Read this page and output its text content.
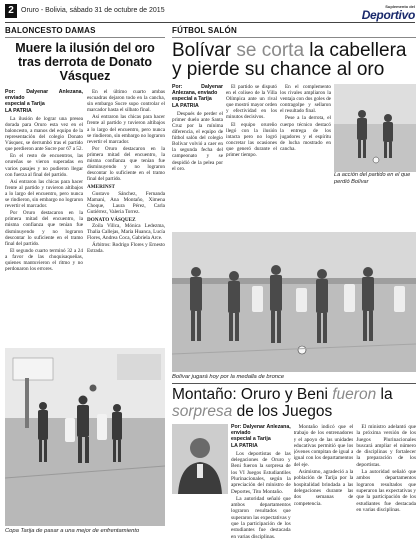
2	Oruro - Bolivia, sábado 31 de octubre de 2015
Suplemento del
Deportivo
BALONCESTO DAMAS
Muere la ilusión del oro tras derrota de Donato Vásquez
Por: Dalyenar Anlezana, enviado
especial a Tarija
LA PATRIA

La ilusión de lograr una presea dorada para Oruro esta vez en el baloncesto, a manos del equipo de la representación del colegio Donato Vásquez, se derrumbó tras el partido que perdieron ante Sucre por 67 a 52.

En el resto de encuentros, las orureñas se vieron superadas en varios pasajes y no pudieron llegar con fuerza al final del partido.

Así entraron las chicas para hacer frente al partido y tuvieron altibajos a lo largo del encuentro, pero nunca se rindieron, sin embargo no lograron revertir el marcador.

Por Oruro destacaron en la primera mitad del encuentro, la misma confianza que tenían fue disminuyendo y no lograron descontar lo suficiente en el tramo final del partido.

El segundo cuarto terminó 32 a 24 a favor de las chuquisaqueñas, quienes mantuvieron el ritmo y no perdonaron los errores.

En el último cuarto ambas escuadras dejaron todo en la cancha, sin embargo Sucre supo controlar el marcador hasta el silbato final.

Así entraron las chicas para hacer frente al partido y tuvieron altibajos a lo largo del encuentro, pero nunca se rindieron, sin embargo no lograron revertir el marcador.

Por Oruro destacaron en la primera mitad del encuentro, la misma confianza que tenían fue disminuyendo y no lograron descontar lo suficiente en el tramo final del partido.

AMERINST

Gustavo Sánchez, Fernanda Mamani, Ana Montaño, Ximena Choque, Laura Pérez, Carla Gutiérrez, Valeria Torrez.

DONATO VÁSQUEZ

Zoila Villca, Mónica Ledezma, Thalia Callejas, María Huanca, Lucía Flores, Andrea Coca, Gabriela Arce.

Árbitros: Rodrigo Flores y Ernesto Estrada.

Copa Tarija de pasar a una mejor de enfrentamiento
FÚTBOL SALÓN
Bolívar se corta la cabellera y pierde su chance al oro
Por: Dalyenar Anlezana, enviado
especial a Tarija
LA PATRIA

Después de perder el primer duelo ante Santa Cruz por la mínima diferencia, el equipo de fútbol salón del colegio Bolívar volvió a caer en la segunda fecha del campeonato y se despidió de la pelea por el oro.

El partido se disputó en el coliseo de la Villa Olímpica ante un rival que mostró mayor orden y efectividad en los minutos decisivos.

El equipo orureño llegó con la ilusión intacta pero no logró concretar las ocasiones que generó durante el primer tiempo.

En el complemento los rivales ampliaron la ventaja con dos goles de contragolpe y sellaron el resultado final.

Pese a la derrota, el cuerpo técnico destacó la entrega de los jugadores y el espíritu de lucha mostrado en cancha.

La acción del partido en el que perdió Bolívar
Bolívar jugará hoy por la medalla de bronce
Montaño: Oruro y Beni fueron la sorpresa de los Juegos
Por: Dalyenar Anlezana, enviado
especial a Tarija
LA PATRIA

Los deportistas de las delegaciones de Oruro y Beni fueron la sorpresa de los VI Juegos Estudiantiles Plurinacionales, según la apreciación del ministro de Deportes, Tito Montaño.

La autoridad señaló que ambos departamentos lograron resultados que superaron las expectativas y que la participación de los estudiantes fue destacada en varias disciplinas.

Montaño indicó que el trabajo de los entrenadores y el apoyo de las unidades educativas permitió que los jóvenes compitan de igual a igual con los departamentos del eje.

Asimismo, agradeció a la población de Tarija por la hospitalidad brindada a las delegaciones durante las dos semanas de competencia.

El ministro adelantó que la próxima versión de los Juegos Plurinacionales buscará ampliar el número de disciplinas y fortalecer la preparación de los deportistas.

La autoridad señaló que ambos departamentos lograron resultados que superaron las expectativas y que la participación de los estudiantes fue destacada en varias disciplinas.
